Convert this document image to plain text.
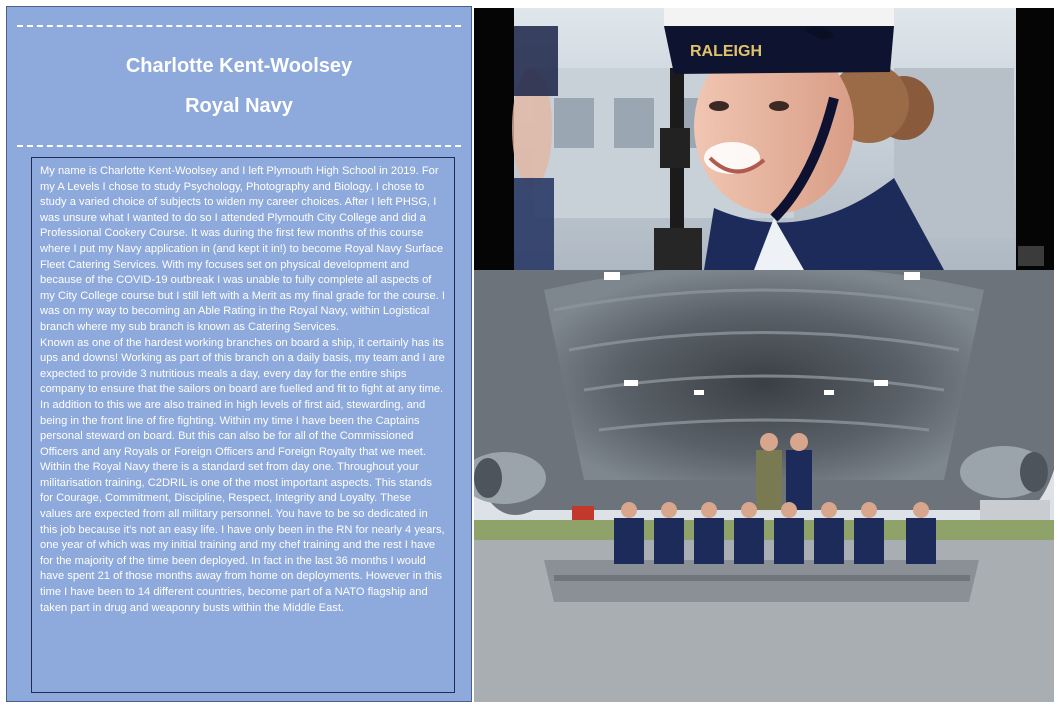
Charlotte Kent-Woolsey
Royal Navy

My name is Charlotte Kent-Woolsey and I left Plymouth High School in 2019. For my A Levels I chose to study Psychology, Photography and Biology. I chose to study a varied choice of subjects to widen my career choices. After I left PHSG, I was unsure what I wanted to do so I attended Plymouth City College and did a Professional Cookery Course. It was during the first few months of this course where I put my Navy application in (and kept it in!) to become Royal Navy Surface Fleet Catering Services. With my focuses set on physical development and because of the COVID-19 outbreak I was unable to fully complete all aspects of my City College course but I still left with a Merit as my final grade for the course. I was on my way to becoming an Able Rating in the Royal Navy, within Logistical branch where my sub branch is known as Catering Services.

Known as one of the hardest working branches on board a ship, it certainly has its ups and downs! Working as part of this branch on a daily basis, my team and I are expected to provide 3 nutritious meals a day, every day for the entire ships company to ensure that the sailors on board are fuelled and fit to fight at any time. In addition to this we are also trained in high levels of first aid, stewarding, and being in the front line of fire fighting. Within my time I have been the Captains personal steward on board. But this can also be for all of the Commissioned Officers and any Royals or Foreign Officers and Foreign Royalty that we meet. Within the Royal Navy there is a standard set from day one. Throughout your militarisation training, C2DRIL is one of the most important aspects. This stands for Courage, Commitment, Discipline, Respect, Integrity and Loyalty. These values are expected from all military personnel. You have to be so dedicated in this job because it's not an easy life. I have only been in the RN for nearly 4 years, one year of which was my initial training and my chef training and the rest I have for the majority of the time been deployed. In fact in the last 36 months I would have spent 21 of those months away from home on deployments. However in this time I have been to 14 different countries, become part of a NATO flagship and taken part in drug and weaponry busts within the Middle East.

RALEIGH
